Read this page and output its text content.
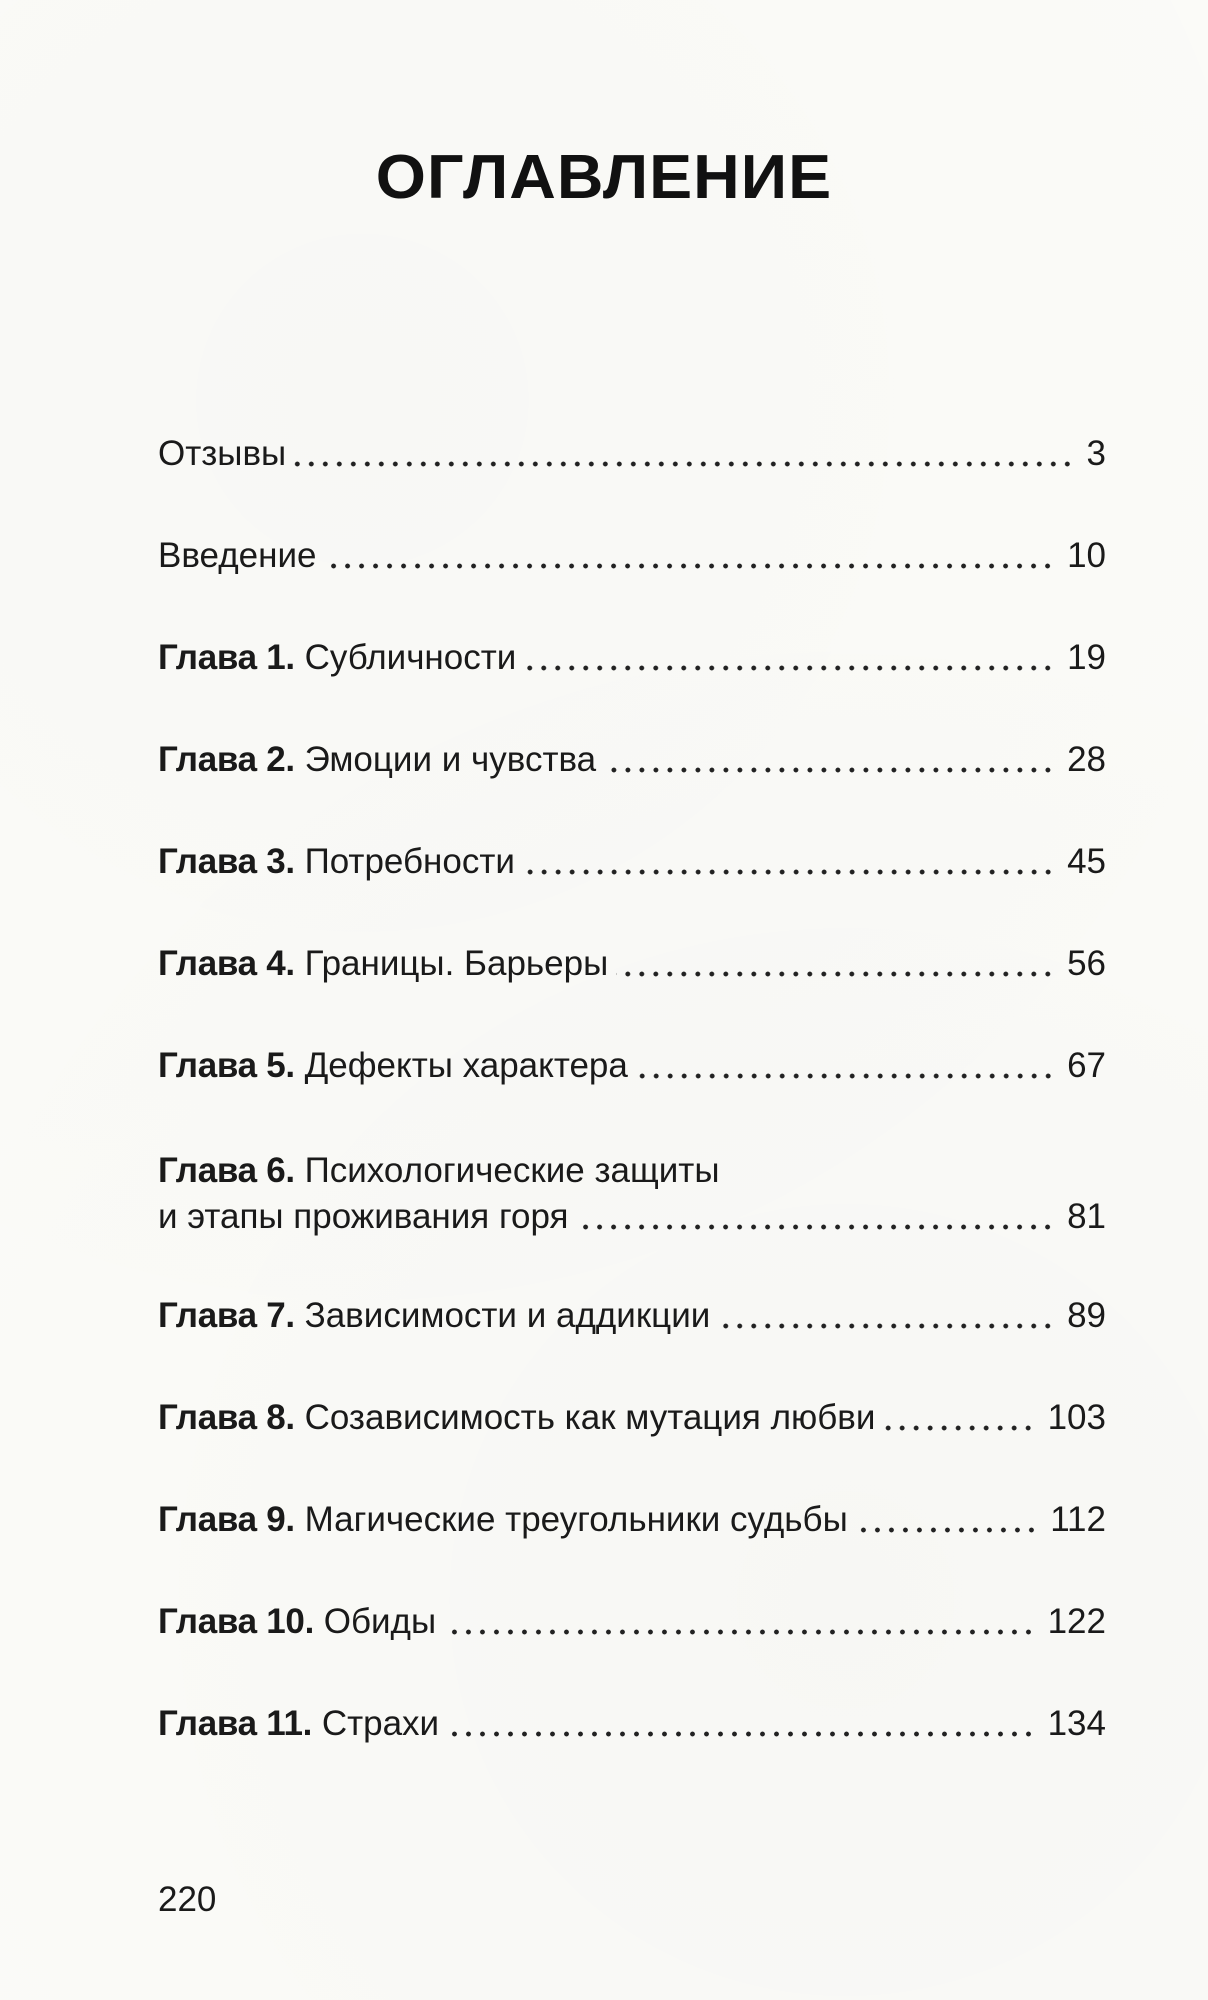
ОГЛАВЛЕНИЕ
Отзывы	3
Введение	10
Глава 1. Субличности	19
Глава 2. Эмоции и чувства	28
Глава 3. Потребности	45
Глава 4. Границы. Барьеры	56
Глава 5. Дефекты характера	67
Глава 6. Психологические защиты
и этапы проживания горя	81
Глава 7. Зависимости и аддикции	89
Глава 8. Созависимость как мутация любви	103
Глава 9. Магические треугольники судьбы	112
Глава 10. Обиды	122
Глава 11. Страхи	134
220
